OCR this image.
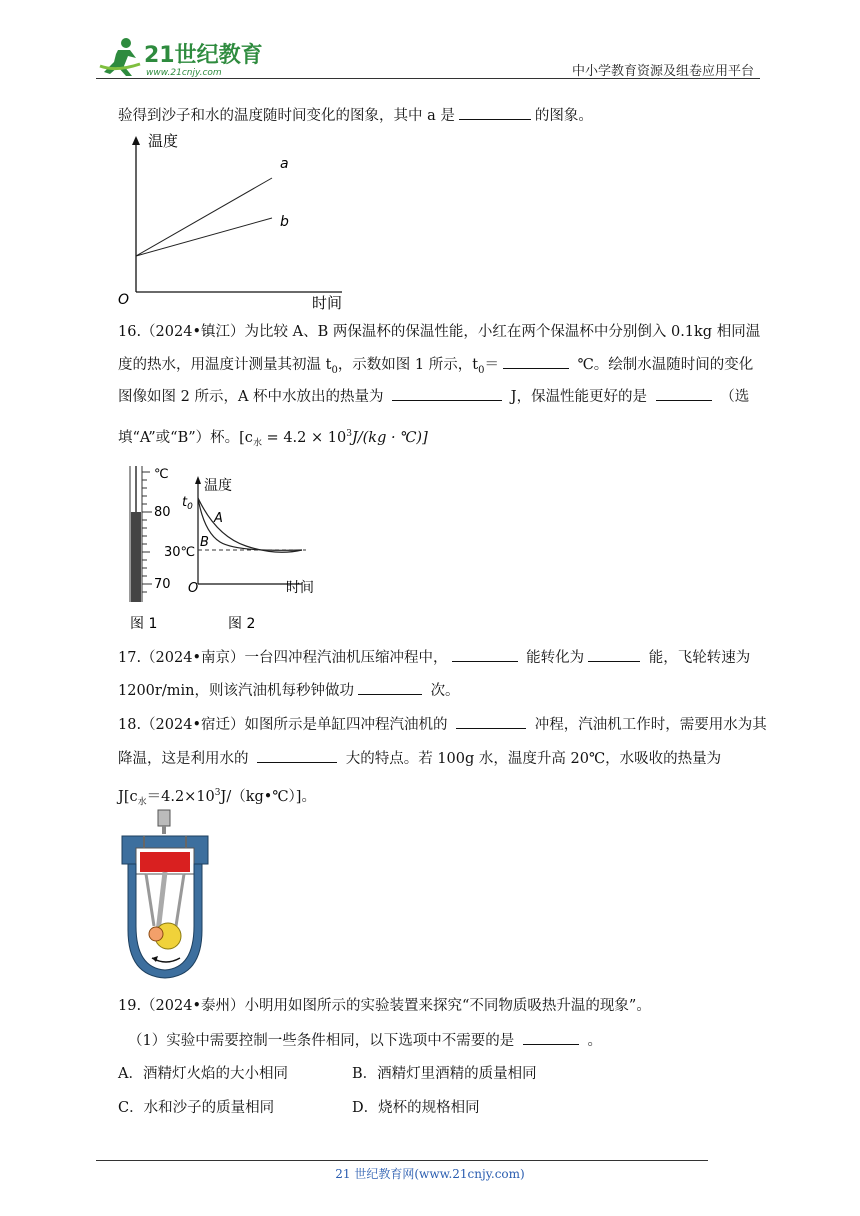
21世纪教育
www.21cnjy.com	中小学教育资源及组卷应用平台
验得到沙子和水的温度随时间变化的图象，其中 a 是	的图象。
温度
时间
O
a
b
16.（2024•镇江）为比较 A、B 两保温杯的保温性能，小红在两个保温杯中分别倒入 0.1kg 相同温
度的热水，用温度计测量其初温 $t_0$，示数如图 1 所示，$t_0=$	℃。绘制水温随时间的变化
图像如图 2 所示，A 杯中水放出的热量为	J，保温性能更好的是	（选
填“A”或“B”）杯。[$c_水 = 4.2 \times 10^3J/(kg$ · ℃)]
℃
80
70
温度
$t_0$
A
B
30℃
O	时间
图 1	图 2
17.（2024•南京）一台四冲程汽油机压缩冲程中，	能转化为	能，飞轮转速为
1200r/min，则该汽油机每秒钟做功	次。
18.（2024•宿迁）如图所示是单缸四冲程汽油机的	冲程，汽油机工作时，需要用水为其
降温，这是利用水的	大的特点。若 100g 水，温度升高 20℃，水吸收的热量为
$J[c_水=4.2\times 10^3J/(kg•℃)]$。
19.（2024•泰州）小明用如图所示的实验装置来探究“不同物质吸热升温的现象”。
（1）实验中需要控制一些条件相同，以下选项中不需要的是	。
A．酒精灯火焰的大小相同	B．酒精灯里酒精的质量相同
C．水和沙子的质量相同	D．烧杯的规格相同
21 世纪教育网(www.21cnjy.com)
